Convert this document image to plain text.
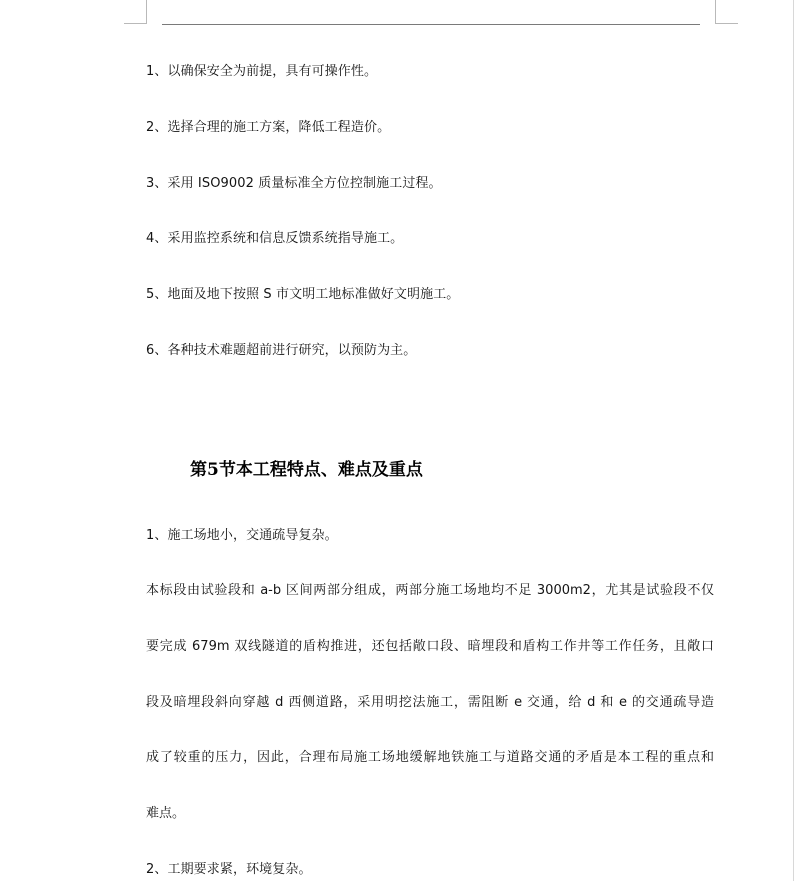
1、以确保安全为前提，具有可操作性。
2、选择合理的施工方案，降低工程造价。
3、采用 ISO9002 质量标准全方位控制施工过程。
4、采用监控系统和信息反馈系统指导施工。
5、地面及地下按照 S 市文明工地标准做好文明施工。
6、各种技术难题超前进行研究，以预防为主。
第5节本工程特点、难点及重点
1、施工场地小，交通疏导复杂。
本标段由试验段和 a-b 区间两部分组成，两部分施工场地均不足 3000m2，尤其是试验段不仅
要完成 679m 双线隧道的盾构推进，还包括敞口段、暗埋段和盾构工作井等工作任务，且敞口
段及暗埋段斜向穿越 d 西侧道路，采用明挖法施工，需阻断 e 交通，给 d 和 e 的交通疏导造
成了较重的压力，因此，合理布局施工场地缓解地铁施工与道路交通的矛盾是本工程的重点和
难点。
2、工期要求紧，环境复杂。
